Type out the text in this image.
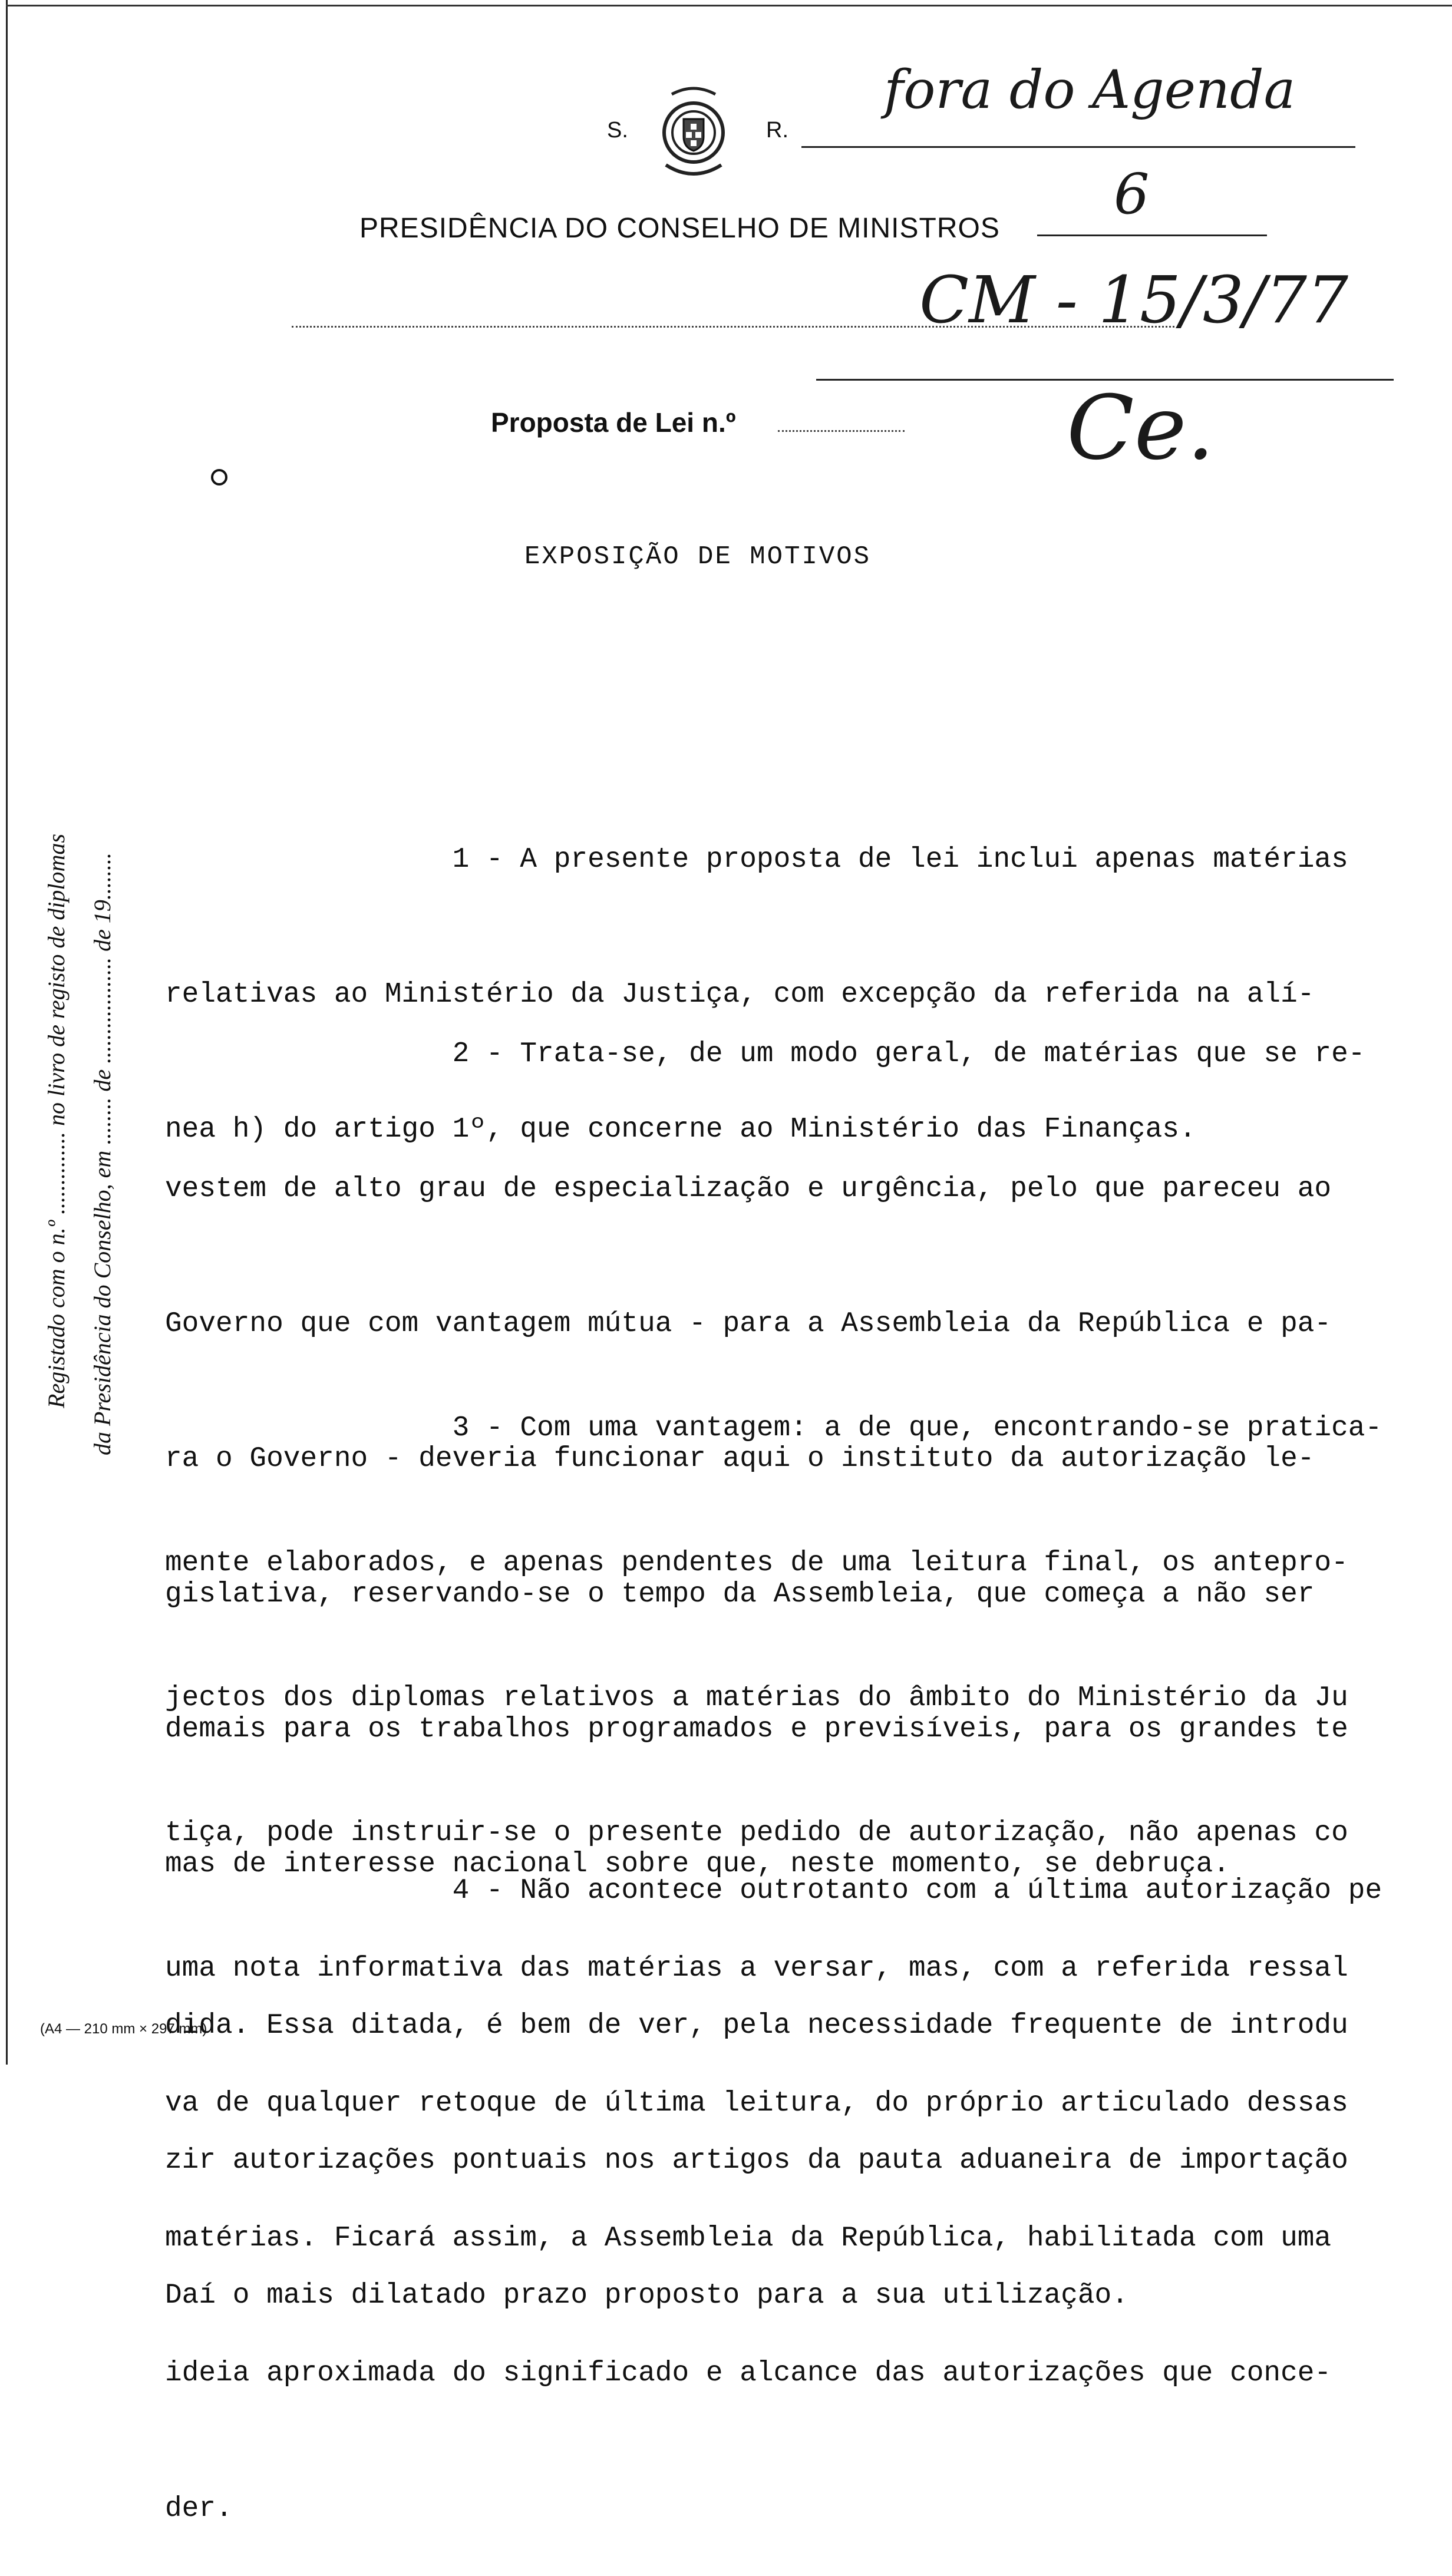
S.	R.
fora do Agenda
6
PRESIDÊNCIA DO CONSELHO DE MINISTROS
CM - 15/3/77
Proposta de Lei n.º	Ce.
Registado com o n.º .............. no livro de registo de diplomas da Presidência do Conselho, em ........ de .................. de 19........
EXPOSIÇÃO DE MOTIVOS

1 - A presente proposta de lei inclui apenas matérias

relativas ao Ministério da Justiça, com excepção da referida na alí-

nea h) do artigo 1º, que concerne ao Ministério das Finanças.

2 - Trata-se, de um modo geral, de matérias que se re-

vestem de alto grau de especialização e urgência, pelo que pareceu ao

Governo que com vantagem mútua - para a Assembleia da República e pa-

ra o Governo - deveria funcionar aqui o instituto da autorização le-

gislativa, reservando-se o tempo da Assembleia, que começa a não ser

demais para os trabalhos programados e previsíveis, para os grandes te

mas de interesse nacional sobre que, neste momento, se debruça.

3 - Com uma vantagem: a de que, encontrando-se pratica-

mente elaborados, e apenas pendentes de uma leitura final, os antepro-

jectos dos diplomas relativos a matérias do âmbito do Ministério da Ju

tiça, pode instruir-se o presente pedido de autorização, não apenas co

uma nota informativa das matérias a versar, mas, com a referida ressal

va de qualquer retoque de última leitura, do próprio articulado dessas

matérias. Ficará assim, a Assembleia da República, habilitada com uma

ideia aproximada do significado e alcance das autorizações que conce-

der.

4 - Não acontece outrotanto com a última autorização pe

dida. Essa ditada, é bem de ver, pela necessidade frequente de introdu

zir autorizações pontuais nos artigos da pauta aduaneira de importação

Daí o mais dilatado prazo proposto para a sua utilização.

(A4 — 210 mm × 297 mm)
